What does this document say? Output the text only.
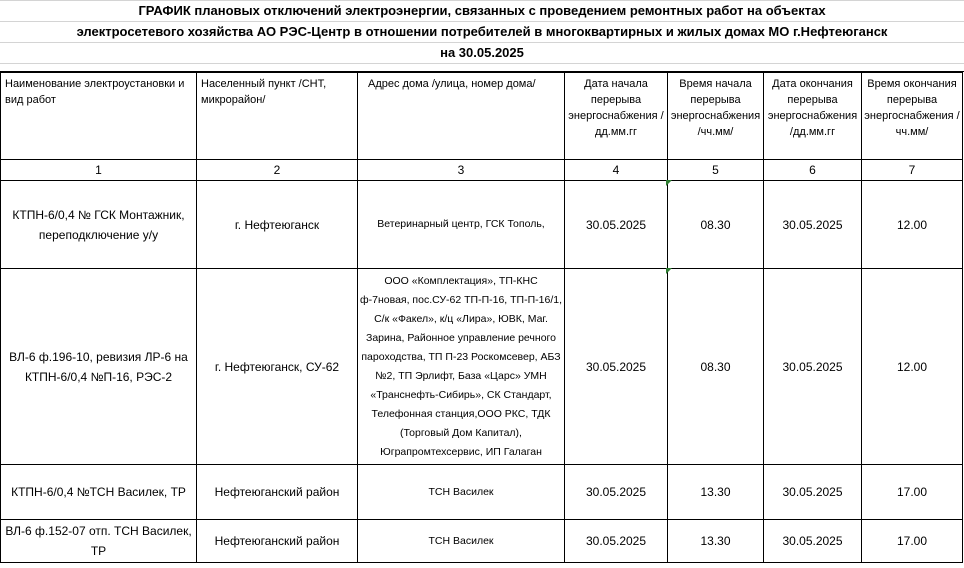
ГРАФИК плановых отключений электроэнергии, связанных с проведением ремонтных работ на объектах
электросетевого хозяйства АО РЭС-Центр в отношении потребителей в многоквартирных и жилых домах МО г.Нефтеюганск
на 30.05.2025
Наименование электроустановки и вид работ	Населенный пункт /СНТ, микрорайон/	Адрес дома /улица, номер дома/	Дата начала перерыва энергоснабжения /дд.мм.гг	Время начала перерыва энергоснабжения /чч.мм/	Дата окончания перерыва энергоснабжения /дд.мм.гг	Время окончания перерыва энергоснабжения /чч.мм/

1	2	3	4	5	6	7
КТПН-6/0,4 № ГСК Монтажник, переподключение у/у	г. Нефтеюганск	Ветеринарный центр, ГСК Тополь,	30.05.2025	08.30	30.05.2025	12.00
ВЛ-6 ф.196-10, ревизия ЛР-6 на КТПН-6/0,4 №П-16, РЭС-2	г. Нефтеюганск, СУ-62	ООО «Комплектация», ТП-КНС ф-7новая, пос.СУ-62 ТП-П-16, ТП-П-16/1, С/к «Факел», к/ц «Лира», ЮВК, Маг. Зарина, Районное управление речного пароходства, ТП П-23 Роскомсевер, АБЗ №2, ТП Эрлифт, База «Царс» УМН «Транснефть-Сибирь», СК Стандарт, Телефонная станция,ООО РКС, ТДК (Торговый Дом Капитал), Юграпромтехсервис, ИП Галаган	30.05.2025	08.30	30.05.2025	12.00
КТПН-6/0,4 №ТСН Василек, ТР	Нефтеюганский район	ТСН Василек	30.05.2025	13.30	30.05.2025	17.00
ВЛ-6 ф.152-07 отп. ТСН Василек, ТР	Нефтеюганский район	ТСН Василек	30.05.2025	13.30	30.05.2025	17.00
